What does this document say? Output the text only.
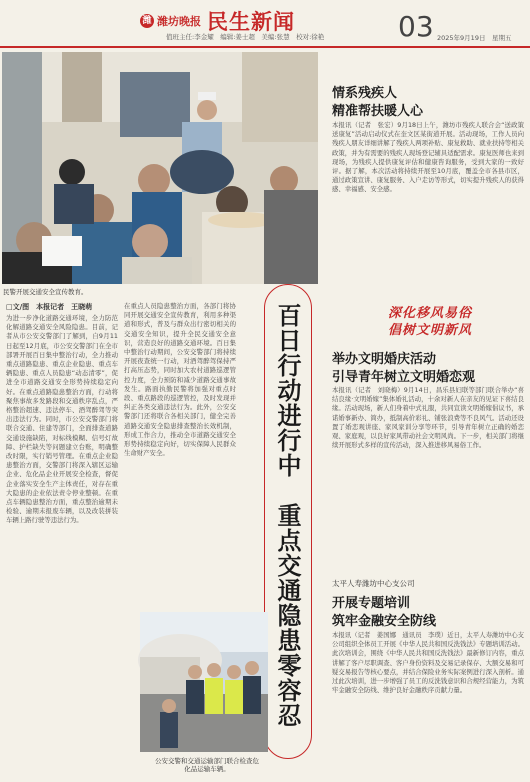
潍 潍坊晚报 民生新闻
值班主任:李金耀　编辑:姜士超　美编:张慧　校对:徐艳	03 2025年9月19日　星期五
民警开展交通安全宣传教育。
□文/图　本报记者　王晓萌
为进一步净化道路交通环境，全力防范化解道路交通安全风险隐患。目前，记者从市公安交警部门了解到，自9月11日起至12月底，市公安交警部门在全市部署开展百日集中整治行动，全力推动重点道路隐患、重点企业隐患、重点车辆隐患、重点人员隐患“动态清零”，促进全市道路交通安全形势持续稳定向好。在重点道路隐患整治方面，行动将聚焦事故多发路段和交通秩序乱点，严格整治超速、违法停车、酒驾醉驾等突出违法行为。同时，市公安交警部门将联合交通、住建等部门，全面排查道路交通设施缺陷，对标线模糊、信号灯故障、护栏缺失等问题建立台账，明确整改时限，实行销号管理。在重点企业隐患整治方面，交警部门将深入辖区运输企业、危化品企业开展安全检查，督促企业落实安全生产主体责任，对存在重大隐患的企业依法责令停业整顿。在重点车辆隐患整治方面，重点整治逾期未检验、逾期未报废车辆，以及改装拼装车辆上路行驶等违法行为。
在重点人员隐患整治方面，各部门将协同开展交通安全宣传教育，利用多种渠道和形式，普及与群众出行密切相关的交通安全知识，提升全民交通安全意识，营造良好的道路交通环境。百日集中整治行动期间，公安交警部门将持续开展夜查统一行动，对酒驾醉驾保持严打高压态势，同时加大农村道路巡逻管控力度，全力预防和减少道路交通事故发生。路面执勤民警将加强对重点时段、重点路段的巡逻管控，及时发现并纠正各类交通违法行为。此外，公安交警部门还将联合各相关部门，健全完善道路交通安全隐患排查整治长效机制，形成工作合力，推动全市道路交通安全形势持续稳定向好，切实保障人民群众生命财产安全。	百日行动进行中　重点交通隐患零容忍
公安交警和交通运输部门联合检查危化品运输车辆。
情系残疾人
精准帮扶暖人心
本报讯（记者　张宏）9月18日上午，潍坊市残疾人联合会“送政策　送康复”活动启动仪式在奎文区某街道开展。活动现场，工作人员向残疾人朋友详细讲解了残疾人两项补贴、康复救助、就业扶持等相关政策，并为有需要的残疾人现场登记辅具适配需求。康复医师也来到现场，为残疾人提供康复评估和健康咨询服务，受到大家的一致好评。据了解，本次活动将持续开展至10月底，覆盖全市各县市区，通过政策宣讲、康复服务、入户走访等形式，切实提升残疾人的获得感、幸福感、安全感。
深化移风易俗
倡树文明新风
举办文明婚庆活动
引导青年树立文明婚恋观
本报讯（记者　刘晓梅）9月14日，昌乐县妇联等部门联合举办“喜结良缘·文明婚嫁”集体婚礼活动，十余对新人在亲友的见证下喜结良缘。活动现场，新人们身着中式礼服，共同宣读文明婚嫁倡议书，承诺婚事新办、简办，抵制高价彩礼、铺张浪费等不良风气。活动还设置了婚恋观讲座、家风家训分享等环节，引导青年树立正确的婚恋观、家庭观，以良好家风带动社会文明风尚。下一步，相关部门将继续开展形式多样的宣传活动，深入推进移风易俗工作。
太平人寿潍坊中心支公司
开展专题培训
筑牢金融安全防线
本报讯（记者　姜国娜　通讯员　李璞）近日，太平人寿潍坊中心支公司组织全体员工开展《中华人民共和国反洗钱法》专题培训活动。此次培训会，围绕《中华人民共和国反洗钱法》最新修订内容，重点讲解了客户尽职调查、客户身份资料及交易记录保存、大额交易和可疑交易报告等核心要点，并结合保险业务实际案例进行深入剖析。通过此次培训，进一步增强了员工的反洗钱意识和合规经营能力，为筑牢金融安全防线、维护良好金融秩序贡献力量。
